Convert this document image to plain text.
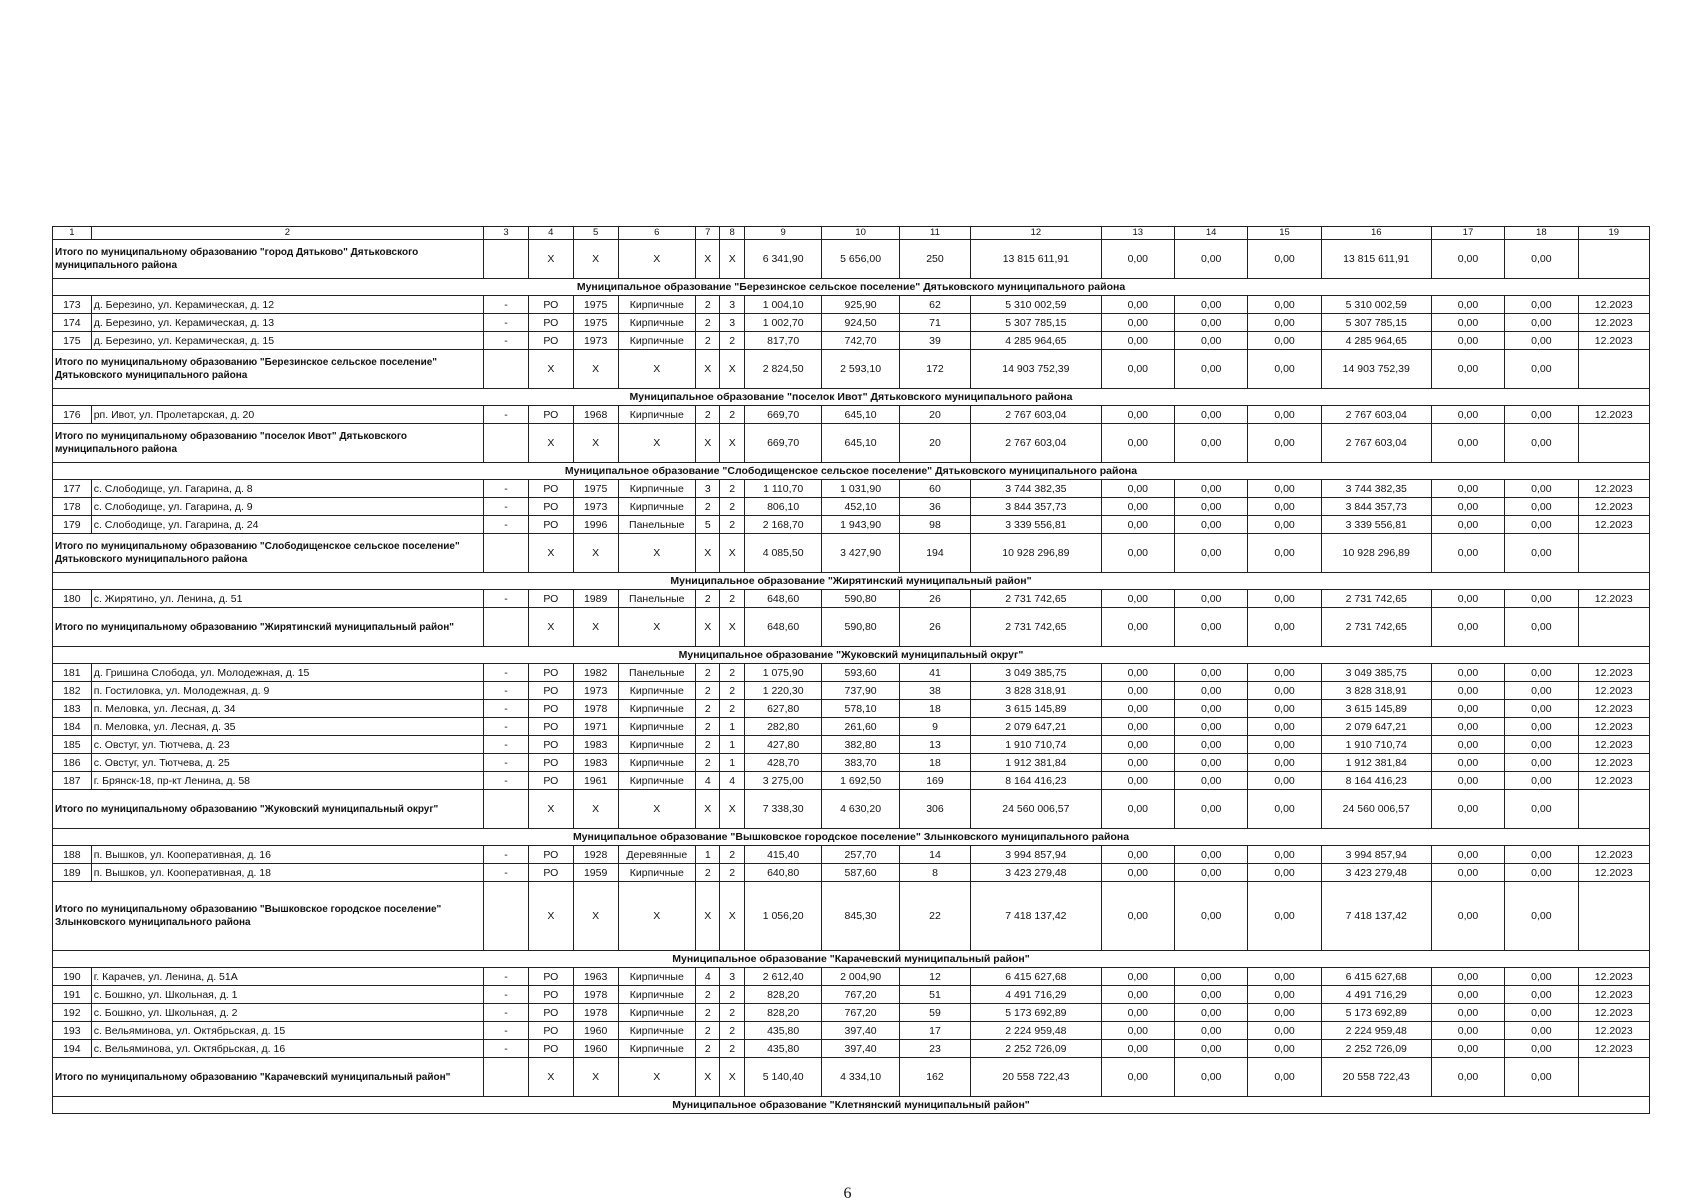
1	2	3	4	5	6	7	8	9	10	11	12	13	14	15	16	17	18	19
Итого по муниципальному образованию "город Дятьково" Дятьковского муниципального района			X	X	X	X	X	6 341,90	5 656,00	250	13 815 611,91	0,00	0,00	0,00	13 815 611,91	0,00	0,00	
Муниципальное образование "Березинское сельское поселение" Дятьковского муниципального района																		
173	д. Березино, ул. Керамическая, д. 12	-	РО	1975	Кирпичные	2	3	1 004,10	925,90	62	5 310 002,59	0,00	0,00	0,00	5 310 002,59	0,00	0,00	12.2023
174	д. Березино, ул. Керамическая, д. 13	-	РО	1975	Кирпичные	2	3	1 002,70	924,50	71	5 307 785,15	0,00	0,00	0,00	5 307 785,15	0,00	0,00	12.2023
175	д. Березино, ул. Керамическая, д. 15	-	РО	1973	Кирпичные	2	2	817,70	742,70	39	4 285 964,65	0,00	0,00	0,00	4 285 964,65	0,00	0,00	12.2023
Итого по муниципальному образованию "Березинское сельское поселение" Дятьковского муниципального района			X	X	X	X	X	2 824,50	2 593,10	172	14 903 752,39	0,00	0,00	0,00	14 903 752,39	0,00	0,00	
Муниципальное образование "поселок Ивот" Дятьковского муниципального района																		
176	рп. Ивот, ул. Пролетарская, д. 20	-	РО	1968	Кирпичные	2	2	669,70	645,10	20	2 767 603,04	0,00	0,00	0,00	2 767 603,04	0,00	0,00	12.2023
Итого по муниципальному образованию "поселок Ивот" Дятьковского муниципального района			X	X	X	X	X	669,70	645,10	20	2 767 603,04	0,00	0,00	0,00	2 767 603,04	0,00	0,00	
Муниципальное образование "Слободищенское сельское поселение" Дятьковского муниципального района																		
177	с. Слободище, ул. Гагарина, д. 8	-	РО	1975	Кирпичные	3	2	1 110,70	1 031,90	60	3 744 382,35	0,00	0,00	0,00	3 744 382,35	0,00	0,00	12.2023
178	с. Слободище, ул. Гагарина, д. 9	-	РО	1973	Кирпичные	2	2	806,10	452,10	36	3 844 357,73	0,00	0,00	0,00	3 844 357,73	0,00	0,00	12.2023
179	с. Слободище, ул. Гагарина, д. 24	-	РО	1996	Панельные	5	2	2 168,70	1 943,90	98	3 339 556,81	0,00	0,00	0,00	3 339 556,81	0,00	0,00	12.2023
Итого по муниципальному образованию "Слободищенское сельское поселение" Дятьковского муниципального района			X	X	X	X	X	4 085,50	3 427,90	194	10 928 296,89	0,00	0,00	0,00	10 928 296,89	0,00	0,00	
Муниципальное образование "Жирятинский муниципальный район"																		
180	с. Жирятино, ул. Ленина, д. 51	-	РО	1989	Панельные	2	2	648,60	590,80	26	2 731 742,65	0,00	0,00	0,00	2 731 742,65	0,00	0,00	12.2023
Итого по муниципальному образованию "Жирятинский муниципальный район"			X	X	X	X	X	648,60	590,80	26	2 731 742,65	0,00	0,00	0,00	2 731 742,65	0,00	0,00	
Муниципальное образование "Жуковский муниципальный округ"																		
181	д. Гришина Слобода, ул. Молодежная, д. 15	-	РО	1982	Панельные	2	2	1 075,90	593,60	41	3 049 385,75	0,00	0,00	0,00	3 049 385,75	0,00	0,00	12.2023
182	п. Гостиловка, ул. Молодежная, д. 9	-	РО	1973	Кирпичные	2	2	1 220,30	737,90	38	3 828 318,91	0,00	0,00	0,00	3 828 318,91	0,00	0,00	12.2023
183	п. Меловка, ул. Лесная, д. 34	-	РО	1978	Кирпичные	2	2	627,80	578,10	18	3 615 145,89	0,00	0,00	0,00	3 615 145,89	0,00	0,00	12.2023
184	п. Меловка, ул. Лесная, д. 35	-	РО	1971	Кирпичные	2	1	282,80	261,60	9	2 079 647,21	0,00	0,00	0,00	2 079 647,21	0,00	0,00	12.2023
185	с. Овстуг, ул. Тютчева, д. 23	-	РО	1983	Кирпичные	2	1	427,80	382,80	13	1 910 710,74	0,00	0,00	0,00	1 910 710,74	0,00	0,00	12.2023
186	с. Овстуг, ул. Тютчева, д. 25	-	РО	1983	Кирпичные	2	1	428,70	383,70	18	1 912 381,84	0,00	0,00	0,00	1 912 381,84	0,00	0,00	12.2023
187	г. Брянск-18, пр-кт Ленина, д. 58	-	РО	1961	Кирпичные	4	4	3 275,00	1 692,50	169	8 164 416,23	0,00	0,00	0,00	8 164 416,23	0,00	0,00	12.2023
Итого по муниципальному образованию "Жуковский муниципальный округ"			X	X	X	X	X	7 338,30	4 630,20	306	24 560 006,57	0,00	0,00	0,00	24 560 006,57	0,00	0,00	
Муниципальное образование "Вышковское городское поселение" Злынковского муниципального района																		
188	п. Вышков, ул. Кооперативная, д. 16	-	РО	1928	Деревянные	1	2	415,40	257,70	14	3 994 857,94	0,00	0,00	0,00	3 994 857,94	0,00	0,00	12.2023
189	п. Вышков, ул. Кооперативная, д. 18	-	РО	1959	Кирпичные	2	2	640,80	587,60	8	3 423 279,48	0,00	0,00	0,00	3 423 279,48	0,00	0,00	12.2023
Итого по муниципальному образованию "Вышковское городское поселение" Злынковского муниципального района			X	X	X	X	X	1 056,20	845,30	22	7 418 137,42	0,00	0,00	0,00	7 418 137,42	0,00	0,00	
Муниципальное образование "Карачевский муниципальный район"																		
190	г. Карачев, ул. Ленина, д. 51А	-	РО	1963	Кирпичные	4	3	2 612,40	2 004,90	12	6 415 627,68	0,00	0,00	0,00	6 415 627,68	0,00	0,00	12.2023
191	с. Бошкно, ул. Школьная, д. 1	-	РО	1978	Кирпичные	2	2	828,20	767,20	51	4 491 716,29	0,00	0,00	0,00	4 491 716,29	0,00	0,00	12.2023
192	с. Бошкно, ул. Школьная, д. 2	-	РО	1978	Кирпичные	2	2	828,20	767,20	59	5 173 692,89	0,00	0,00	0,00	5 173 692,89	0,00	0,00	12.2023
193	с. Вельяминова, ул. Октябрьская, д. 15	-	РО	1960	Кирпичные	2	2	435,80	397,40	17	2 224 959,48	0,00	0,00	0,00	2 224 959,48	0,00	0,00	12.2023
194	с. Вельяминова, ул. Октябрьская, д. 16	-	РО	1960	Кирпичные	2	2	435,80	397,40	23	2 252 726,09	0,00	0,00	0,00	2 252 726,09	0,00	0,00	12.2023
Итого по муниципальному образованию "Карачевский муниципальный район"			X	X	X	X	X	5 140,40	4 334,10	162	20 558 722,43	0,00	0,00	0,00	20 558 722,43	0,00	0,00	
Муниципальное образование "Клетнянский муниципальный район"																		
6
